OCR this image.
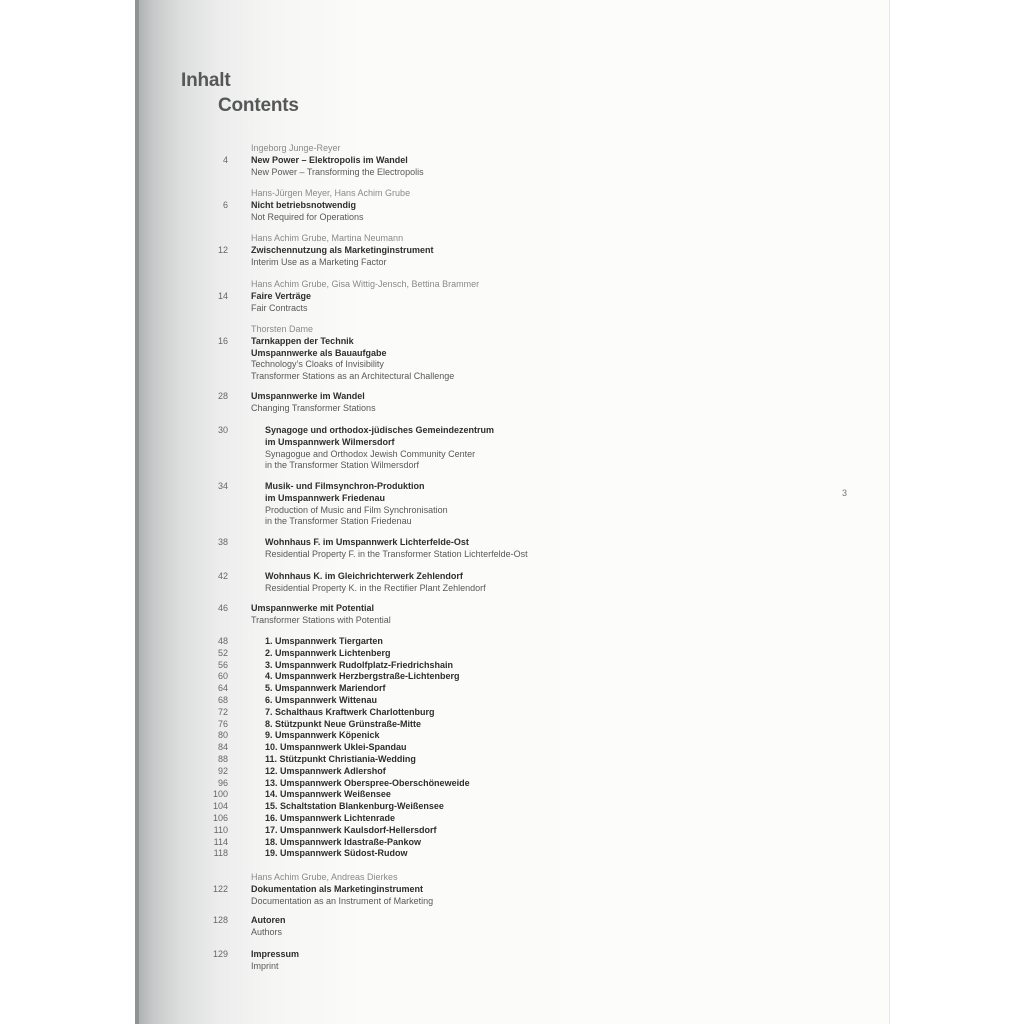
Inhalt
Contents
Ingeborg Junge-Reyer
4	New Power – Elektropolis im Wandel
New Power – Transforming the Electropolis
Hans-Jürgen Meyer, Hans Achim Grube
6	Nicht betriebsnotwendig
Not Required for Operations
Hans Achim Grube, Martina Neumann
12	Zwischennutzung als Marketinginstrument
Interim Use as a Marketing Factor
Hans Achim Grube, Gisa Wittig-Jensch, Bettina Brammer
14	Faire Verträge
Fair Contracts
Thorsten Dame
16	Tarnkappen der Technik
Umspannwerke als Bauaufgabe
Technology’s Cloaks of Invisibility
Transformer Stations as an Architectural Challenge
28	Umspannwerke im Wandel
Changing Transformer Stations
30	Synagoge und orthodox-jüdisches Gemeindezentrum
im Umspannwerk Wilmersdorf
Synagogue and Orthodox Jewish Community Center
in the Transformer Station Wilmersdorf
34	Musik- und Filmsynchron-Produktion
im Umspannwerk Friedenau
Production of Music and Film Synchronisation
in the Transformer Station Friedenau
38	Wohnhaus F. im Umspannwerk Lichterfelde-Ost
Residential Property F. in the Transformer Station Lichterfelde-Ost
42	Wohnhaus K. im Gleichrichterwerk Zehlendorf
Residential Property K. in the Rectifier Plant Zehlendorf
46	Umspannwerke mit Potential
Transformer Stations with Potential
48	1. Umspannwerk Tiergarten
52	2. Umspannwerk Lichtenberg
56	3. Umspannwerk Rudolfplatz-Friedrichshain
60	4. Umspannwerk Herzbergstraße-Lichtenberg
64	5. Umspannwerk Mariendorf
68	6. Umspannwerk Wittenau
72	7. Schalthaus Kraftwerk Charlottenburg
76	8. Stützpunkt Neue Grünstraße-Mitte
80	9. Umspannwerk Köpenick
84	10. Umspannwerk Uklei-Spandau
88	11. Stützpunkt Christiania-Wedding
92	12. Umspannwerk Adlershof
96	13. Umspannwerk Oberspree-Oberschöneweide
100	14. Umspannwerk Weißensee
104	15. Schaltstation Blankenburg-Weißensee
106	16. Umspannwerk Lichtenrade
110	17. Umspannwerk Kaulsdorf-Hellersdorf
114	18. Umspannwerk Idastraße-Pankow
118	19. Umspannwerk Südost-Rudow
Hans Achim Grube, Andreas Dierkes
122	Dokumentation als Marketinginstrument
Documentation as an Instrument of Marketing
128	Autoren
Authors
129	Impressum
Imprint
3
